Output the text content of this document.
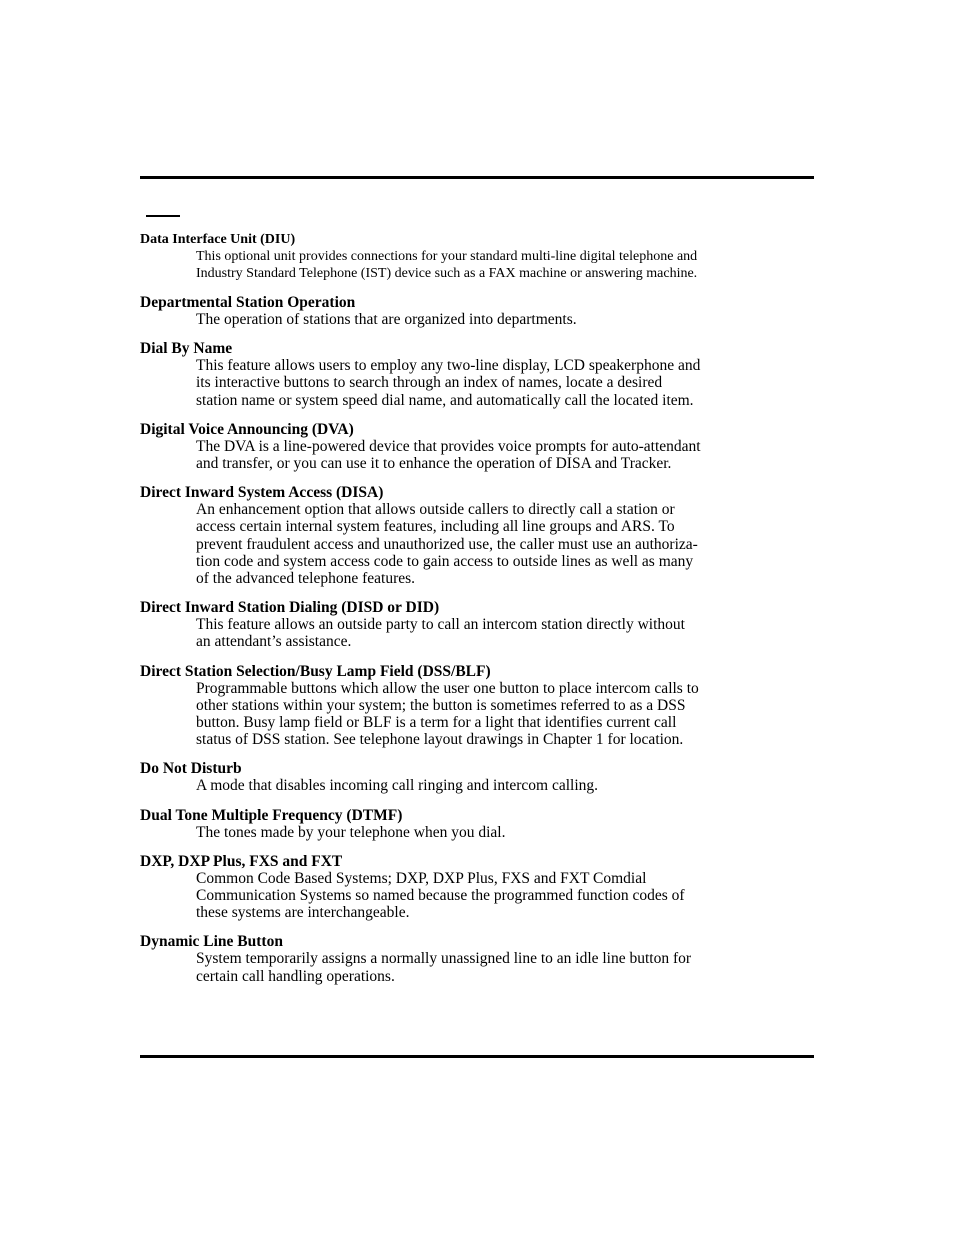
Data Interface Unit (DIU)

This optional unit provides connections for your standard multi-line digital telephone and
Industry Standard Telephone (IST) device such as a FAX machine or answering machine.

Departmental Station Operation

The operation of stations that are organized into departments.

Dial By Name

This feature allows users to employ any two-line display, LCD speakerphone and
its interactive buttons to search through an index of names, locate a desired
station name or system speed dial name, and automatically call the located item.

Digital Voice Announcing (DVA)

The DVA is a line-powered device that provides voice prompts for auto-attendant
and transfer, or you can use it to enhance the operation of DISA and Tracker.

Direct Inward System Access (DISA)

An enhancement option that allows outside callers to directly call a station or
access certain internal system features, including all line groups and ARS. To
prevent fraudulent access and unauthorized use, the caller must use an authoriza-
tion code and system access code to gain access to outside lines as well as many
of the advanced telephone features.

Direct Inward Station Dialing (DISD or DID)

This feature allows an outside party to call an intercom station directly without
an attendant’s assistance.

Direct Station Selection/Busy Lamp Field (DSS/BLF)

Programmable buttons which allow the user one button to place intercom calls to
other stations within your system; the button is sometimes referred to as a DSS
button. Busy lamp field or BLF is a term for a light that identifies current call
status of DSS station. See telephone layout drawings in Chapter 1 for location.

Do Not Disturb

A mode that disables incoming call ringing and intercom calling.

Dual Tone Multiple Frequency (DTMF)

The tones made by your telephone when you dial.

DXP, DXP Plus, FXS and FXT

Common Code Based Systems; DXP, DXP Plus, FXS and FXT Comdial
Communication Systems so named because the programmed function codes of
these systems are interchangeable.

Dynamic Line Button

System temporarily assigns a normally unassigned line to an idle line button for
certain call handling operations.
